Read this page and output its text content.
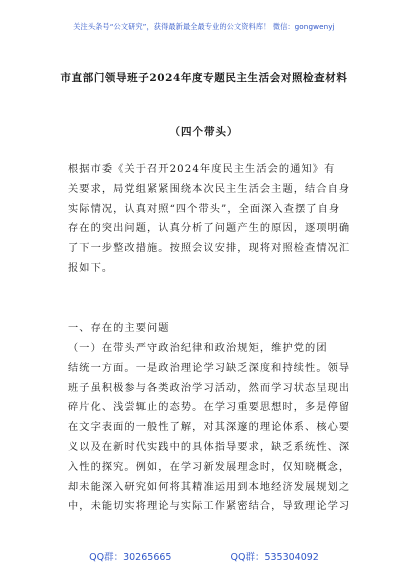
关注头条号“公文研究”，获得最新最全最专业的公文资料库！ 微信：gongwenyj
市直部门领导班子2024年度专题民主生活会对照检查材料
（四个带头）
根据市委《关于召开2024年度民主生活会的通知》有
关要求，局党组紧紧围绕本次民主生活会主题，结合自身
实际情况，认真对照“四个带头”，全面深入查摆了自身
存在的突出问题，认真分析了问题产生的原因，逐项明确
了下一步整改措施。按照会议安排，现将对照检查情况汇
报如下。
一、存在的主要问题
（一）在带头严守政治纪律和政治规矩，维护党的团
结统一方面。一是政治理论学习缺乏深度和持续性。领导
班子虽积极参与各类政治学习活动，然而学习状态呈现出
碎片化、浅尝辄止的态势。在学习重要思想时，多是停留
在文字表面的一般性了解，对其深邃的理论体系、核心要
义以及在新时代实践中的具体指导要求，缺乏系统性、深
入性的探究。例如，在学习新发展理念时，仅知晓概念，
却未能深入研究如何将其精准运用到本地经济发展规划之
中，未能切实将理论与实际工作紧密结合，导致理论学习
QQ群：30265665	QQ群：535304092
